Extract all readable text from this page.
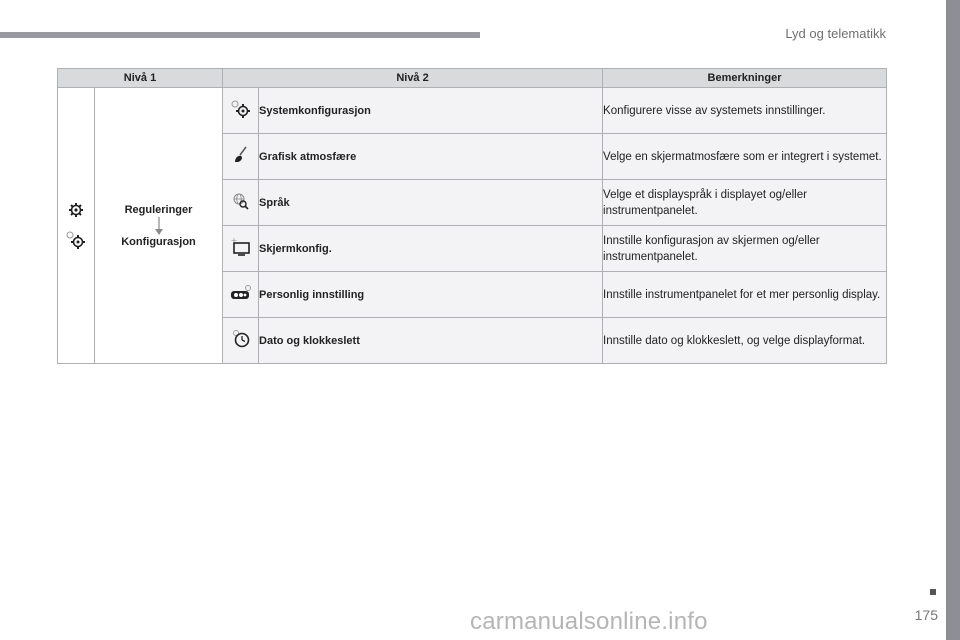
Lyd og telematikk
carmanualsonline.info	175
Nivå 1		Nivå 2		Bemerkninger

Reguleringer
Konfigurasjon		Systemkonfigurasjon	Konfigurere visse av systemets innstillinger.

	Grafisk atmosfære	Velge en skjermatmosfære som er integrert i systemet.

	Språk	Velge et displayspråk i displayet og/eller instrumentpanelet.

	Skjermkonfig.	Innstille konfigurasjon av skjermen og/eller instrumentpanelet.

	Personlig innstilling	Innstille instrumentpanelet for et mer personlig display.

	Dato og klokkeslett	Innstille dato og klokkeslett, og velge displayformat.
